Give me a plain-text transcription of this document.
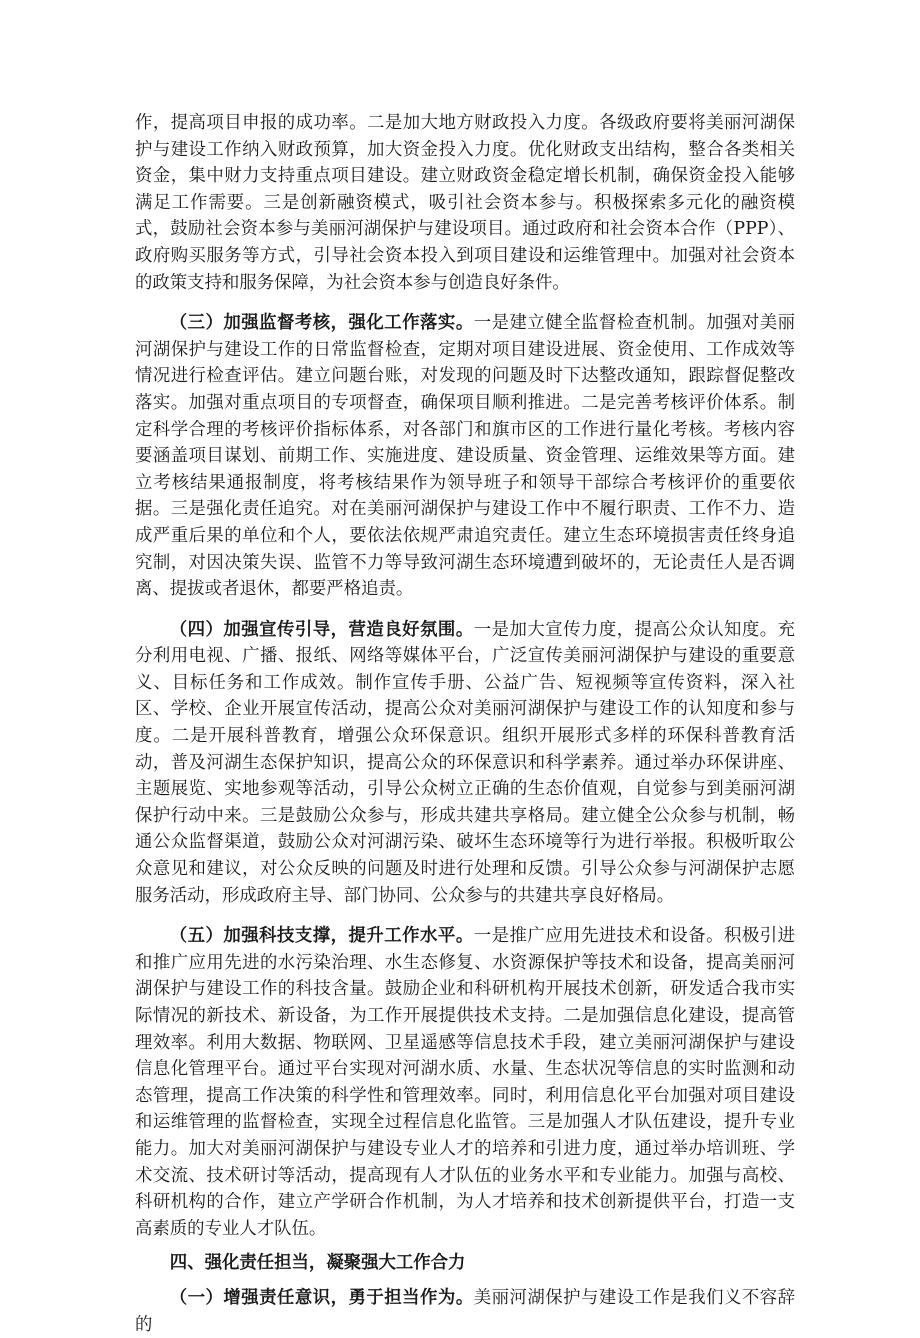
作，提高项目申报的成功率。二是加大地方财政投入力度。各级政府要将美丽河湖保护与建设工作纳入财政预算，加大资金投入力度。优化财政支出结构，整合各类相关资金，集中财力支持重点项目建设。建立财政资金稳定增长机制，确保资金投入能够满足工作需要。三是创新融资模式，吸引社会资本参与。积极探索多元化的融资模式，鼓励社会资本参与美丽河湖保护与建设项目。通过政府和社会资本合作（PPP）、政府购买服务等方式，引导社会资本投入到项目建设和运维管理中。加强对社会资本的政策支持和服务保障，为社会资本参与创造良好条件。

（三）加强监督考核，强化工作落实。一是建立健全监督检查机制。加强对美丽河湖保护与建设工作的日常监督检查，定期对项目建设进展、资金使用、工作成效等情况进行检查评估。建立问题台账，对发现的问题及时下达整改通知，跟踪督促整改落实。加强对重点项目的专项督查，确保项目顺利推进。二是完善考核评价体系。制定科学合理的考核评价指标体系，对各部门和旗市区的工作进行量化考核。考核内容要涵盖项目谋划、前期工作、实施进度、建设质量、资金管理、运维效果等方面。建立考核结果通报制度，将考核结果作为领导班子和领导干部综合考核评价的重要依据。三是强化责任追究。对在美丽河湖保护与建设工作中不履行职责、工作不力、造成严重后果的单位和个人，要依法依规严肃追究责任。建立生态环境损害责任终身追究制，对因决策失误、监管不力等导致河湖生态环境遭到破坏的，无论责任人是否调离、提拔或者退休，都要严格追责。

（四）加强宣传引导，营造良好氛围。一是加大宣传力度，提高公众认知度。充分利用电视、广播、报纸、网络等媒体平台，广泛宣传美丽河湖保护与建设的重要意义、目标任务和工作成效。制作宣传手册、公益广告、短视频等宣传资料，深入社区、学校、企业开展宣传活动，提高公众对美丽河湖保护与建设工作的认知度和参与度。二是开展科普教育，增强公众环保意识。组织开展形式多样的环保科普教育活动，普及河湖生态保护知识，提高公众的环保意识和科学素养。通过举办环保讲座、主题展览、实地参观等活动，引导公众树立正确的生态价值观，自觉参与到美丽河湖保护行动中来。三是鼓励公众参与，形成共建共享格局。建立健全公众参与机制，畅通公众监督渠道，鼓励公众对河湖污染、破坏生态环境等行为进行举报。积极听取公众意见和建议，对公众反映的问题及时进行处理和反馈。引导公众参与河湖保护志愿服务活动，形成政府主导、部门协同、公众参与的共建共享良好格局。

（五）加强科技支撑，提升工作水平。一是推广应用先进技术和设备。积极引进和推广应用先进的水污染治理、水生态修复、水资源保护等技术和设备，提高美丽河湖保护与建设工作的科技含量。鼓励企业和科研机构开展技术创新，研发适合我市实际情况的新技术、新设备，为工作开展提供技术支持。二是加强信息化建设，提高管理效率。利用大数据、物联网、卫星遥感等信息技术手段，建立美丽河湖保护与建设信息化管理平台。通过平台实现对河湖水质、水量、生态状况等信息的实时监测和动态管理，提高工作决策的科学性和管理效率。同时，利用信息化平台加强对项目建设和运维管理的监督检查，实现全过程信息化监管。三是加强人才队伍建设，提升专业能力。加大对美丽河湖保护与建设专业人才的培养和引进力度，通过举办培训班、学术交流、技术研讨等活动，提高现有人才队伍的业务水平和专业能力。加强与高校、科研机构的合作，建立产学研合作机制，为人才培养和技术创新提供平台，打造一支高素质的专业人才队伍。

四、强化责任担当，凝聚强大工作合力

（一）增强责任意识，勇于担当作为。美丽河湖保护与建设工作是我们义不容辞的
